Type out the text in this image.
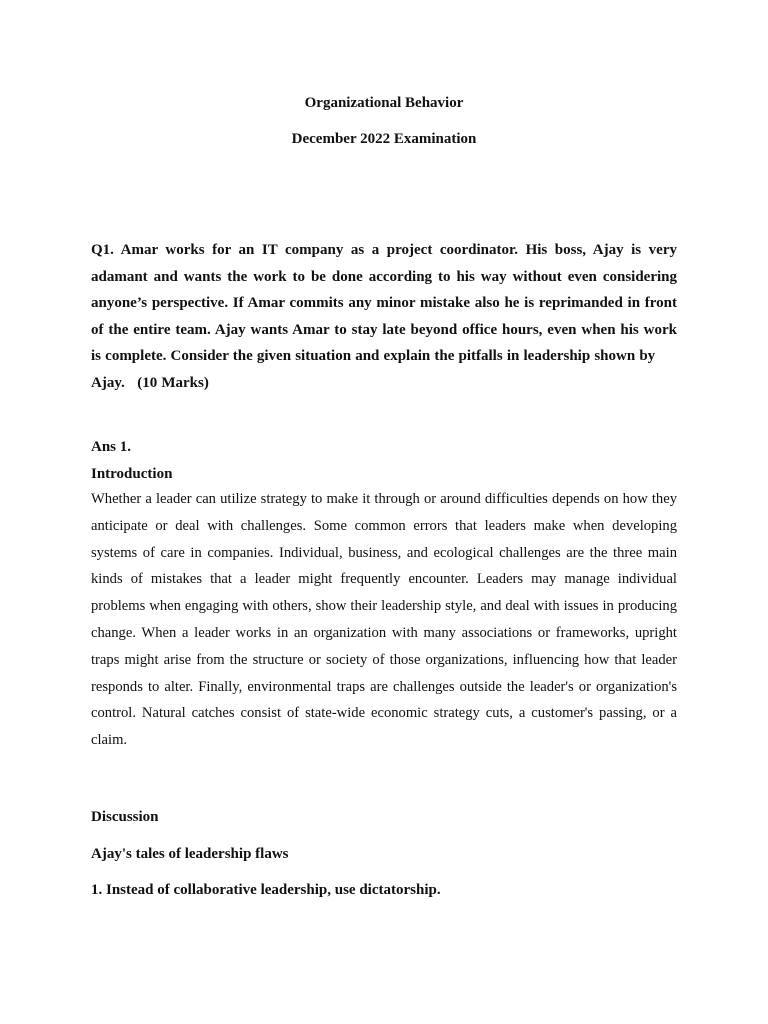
Organizational Behavior
December 2022 Examination

Q1. Amar works for an IT company as a project coordinator. His boss, Ajay is very adamant and wants the work to be done according to his way without even considering anyone’s perspective. If Amar commits any minor mistake also he is reprimanded in front of the entire team. Ajay wants Amar to stay late beyond office hours, even when his work is complete. Consider the given situation and explain the pitfalls in leadership shown by

Ajay.   (10 Marks)

Ans 1.
Introduction
Whether a leader can utilize strategy to make it through or around difficulties depends on how they anticipate or deal with challenges. Some common errors that leaders make when developing systems of care in companies. Individual, business, and ecological challenges are the three main kinds of mistakes that a leader might frequently encounter. Leaders may manage individual problems when engaging with others, show their leadership style, and deal with issues in producing change. When a leader works in an organization with many associations or frameworks, upright traps might arise from the structure or society of those organizations, influencing how that leader responds to alter. Finally, environmental traps are challenges outside the leader's or organization's control. Natural catches consist of state-wide economic strategy cuts, a customer's passing, or a claim.
Discussion
Ajay's tales of leadership flaws
1. Instead of collaborative leadership, use dictatorship.
